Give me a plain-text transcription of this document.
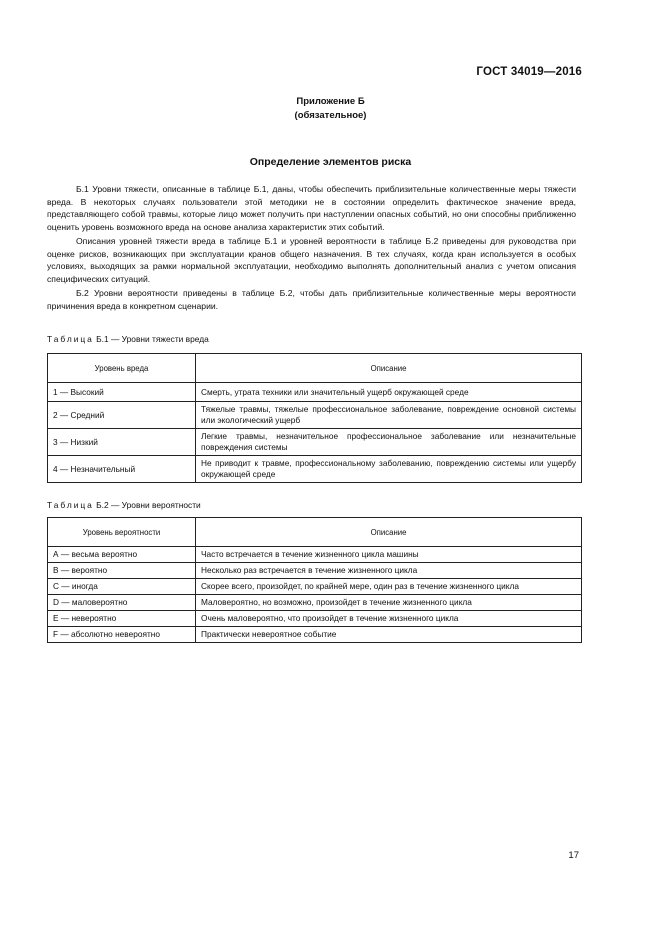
ГОСТ 34019—2016
Приложение Б
(обязательное)
Определение элементов риска

Б.1 Уровни тяжести, описанные в таблице Б.1, даны, чтобы обеспечить приблизительные количественные меры тяжести вреда. В некоторых случаях пользователи этой методики не в состоянии определить фактическое значение вреда, представляющего собой травмы, которые лицо может получить при наступлении опасных событий, но они способны приближенно оценить уровень возможного вреда на основе анализа характеристик этих событий.

Описания уровней тяжести вреда в таблице Б.1 и уровней вероятности в таблице Б.2 приведены для руководства при оценке рисков, возникающих при эксплуатации кранов общего назначения. В тех случаях, когда кран используется в особых условиях, выходящих за рамки нормальной эксплуатации, необходимо выполнять дополнительный анализ с учетом описания специфических ситуаций.

Б.2 Уровни вероятности приведены в таблице Б.2, чтобы дать приблизительные количественные меры вероятности причинения вреда в конкретном сценарии.

Таблица Б.1 — Уровни тяжести вреда
Уровень вреда	Описание
1 — Высокий	Смерть, утрата техники или значительный ущерб окружающей среде
2 — Средний	Тяжелые травмы, тяжелые профессиональное заболевание, повреждение основной системы или экологический ущерб
3 — Низкий	Легкие травмы, незначительное профессиональное заболевание или незначительные повреждения системы
4 — Незначительный	Не приводит к травме, профессиональному заболеванию, повреждению системы или ущербу окружающей среде
Таблица Б.2 — Уровни вероятности
Уровень вероятности	Описание
А — весьма вероятно	Часто встречается в течение жизненного цикла машины
В — вероятно	Несколько раз встречается в течение жизненного цикла
С — иногда	Скорее всего, произойдет, по крайней мере, один раз в течение жизненного цикла
D — маловероятно	Маловероятно, но возможно, произойдет в течение жизненного цикла
Е — невероятно	Очень маловероятно, что произойдет в течение жизненного цикла
F — абсолютно невероятно	Практически невероятное событие
17
